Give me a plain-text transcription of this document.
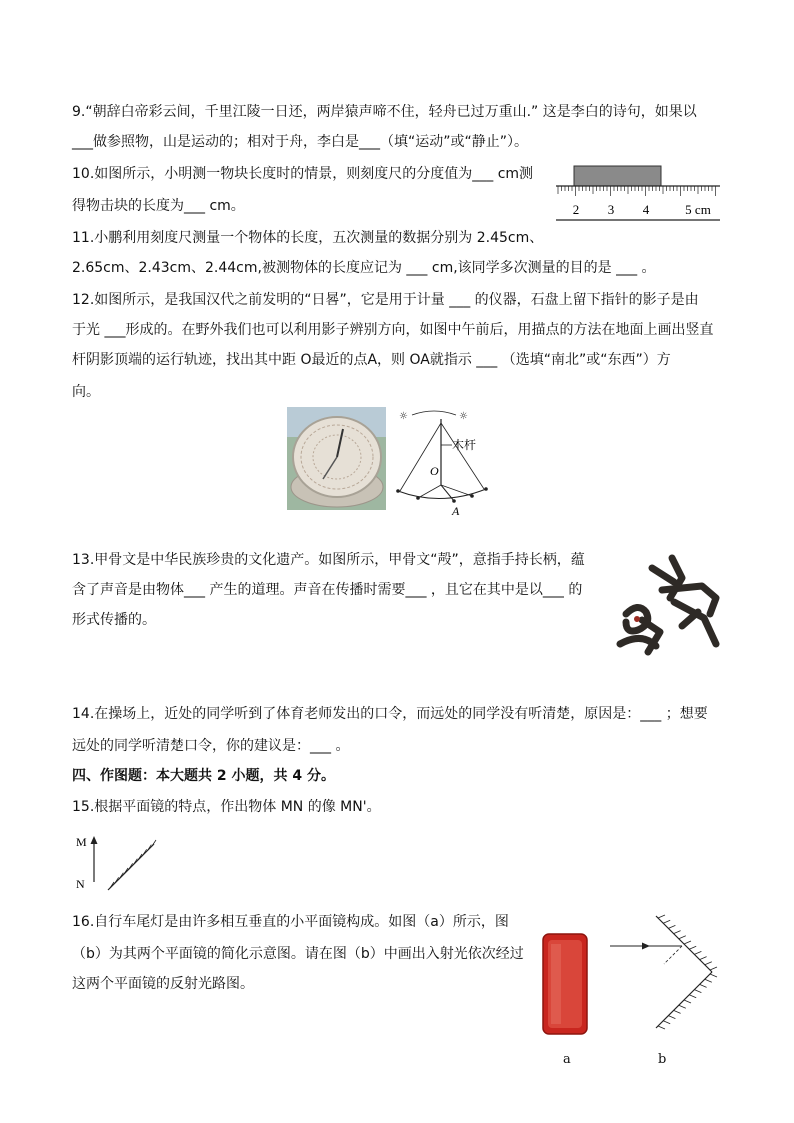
9.“朝辞白帝彩云间，千里江陵一日还，两岸猿声啼不住，轻舟已过万重山.” 这是李白的诗句，如果以
___做参照物，山是运动的；相对于舟，李白是___（填“运动”或“静止”）。
10.如图所示，小明测一物块长度时的情景，则刻度尺的分度值为___ cm测
得物击块的长度为___ cm。	2 3 4	5 cm
11.小鹏利用刻度尺测量一个物体的长度，五次测量的数据分别为 2.45cm、
2.65cm、2.43cm、2.44cm,被测物体的长度应记为 ___ cm,该同学多次测量的目的是 ___ 。
12.如图所示，是我国汉代之前发明的“日晷”，它是用于计量 ___ 的仪器，石盘上留下指针的影子是由
于光 ___形成的。在野外我们也可以利用影子辨别方向，如图中午前后，用描点的方法在地面上画出竖直
杆阴影顶端的运行轨迹，找出其中距 O最近的点A，则 OA就指示 ___ （选填“南北”或“东西”）方
向。
☼	☼
木杆
O
A
13.甲骨文是中华民族珍贵的文化遗产。如图所示，甲骨文“殸”，意指手持长柄，蕴
含了声音是由物体___ 产生的道理。声音在传播时需要___ ，且它在其中是以___ 的
形式传播的。
14.在操场上，近处的同学听到了体育老师发出的口令，而远处的同学没有听清楚，原因是：___ ；想要
远处的同学听清楚口令，你的建议是：___ 。
四、作图题：本大题共 2 小题，共 4 分。
15.根据平面镜的特点，作出物体 MN 的像 MN'。
M
N
16.自行车尾灯是由许多相互垂直的小平面镜构成。如图（a）所示，图
（b）为其两个平面镜的简化示意图。请在图（b）中画出入射光依次经过
这两个平面镜的反射光路图。
a	b
